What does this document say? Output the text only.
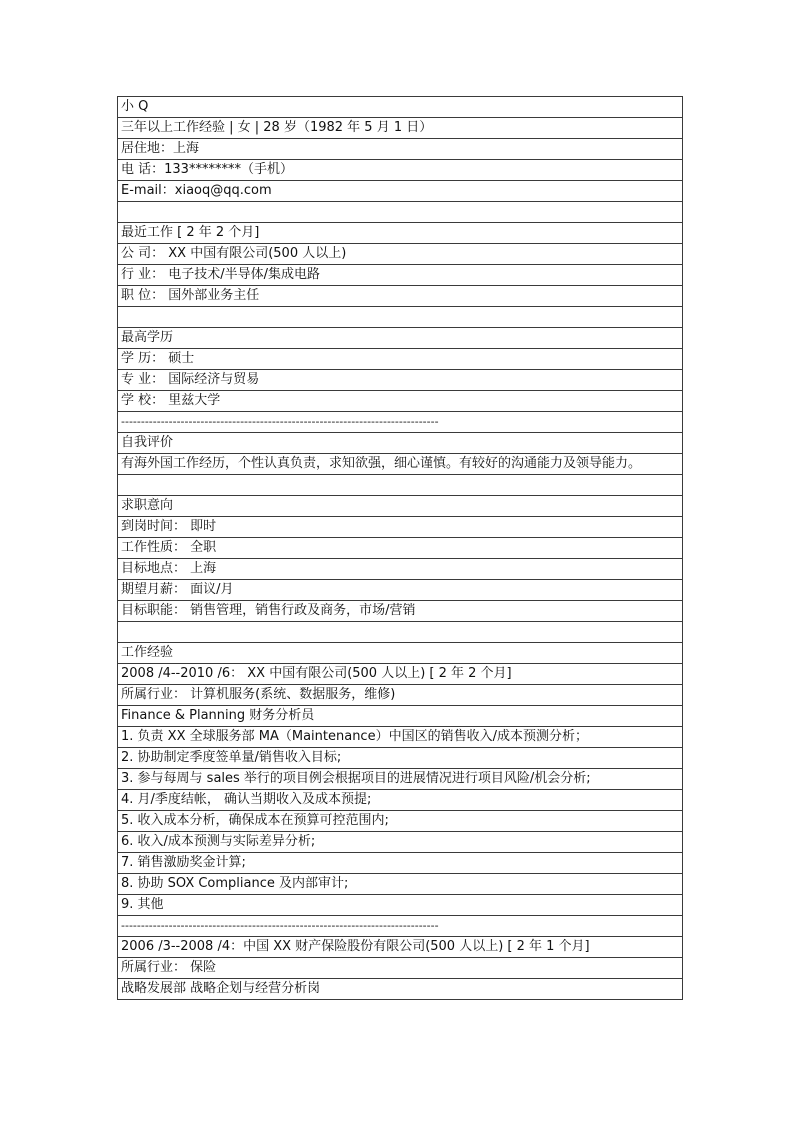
小 Q
三年以上工作经验 | 女 | 28 岁（1982 年 5 月 1 日）
居住地：上海
电 话：133********（手机）
E-mail：xiaoq@qq.com

最近工作 [ 2 年 2 个月]
公 司： XX 中国有限公司(500 人以上)
行 业： 电子技术/半导体/集成电路
职 位： 国外部业务主任

最高学历
学 历： 硕士
专 业： 国际经济与贸易
学 校： 里兹大学
--------------------------------------------------------------------------------
自我评价
有海外国工作经历，个性认真负责，求知欲强，细心谨慎。有较好的沟通能力及领导能力。

求职意向
到岗时间： 即时
工作性质： 全职
目标地点： 上海
期望月薪： 面议/月
目标职能： 销售管理，销售行政及商务，市场/营销

工作经验
2008 /4--2010 /6： XX 中国有限公司(500 人以上) [ 2 年 2 个月]
所属行业： 计算机服务(系统、数据服务，维修)
Finance & Planning 财务分析员
1. 负责 XX 全球服务部 MA（Maintenance）中国区的销售收入/成本预测分析；
2. 协助制定季度签单量/销售收入目标;
3. 参与每周与 sales 举行的项目例会根据项目的进展情况进行项目风险/机会分析;
4. 月/季度结帐， 确认当期收入及成本预提;
5. 收入成本分析，确保成本在预算可控范围内;
6. 收入/成本预测与实际差异分析;
7. 销售激励奖金计算;
8. 协助 SOX Compliance 及内部审计;
9. 其他
--------------------------------------------------------------------------------
2006 /3--2008 /4：中国 XX 财产保险股份有限公司(500 人以上) [ 2 年 1 个月]
所属行业： 保险
战略发展部 战略企划与经营分析岗
